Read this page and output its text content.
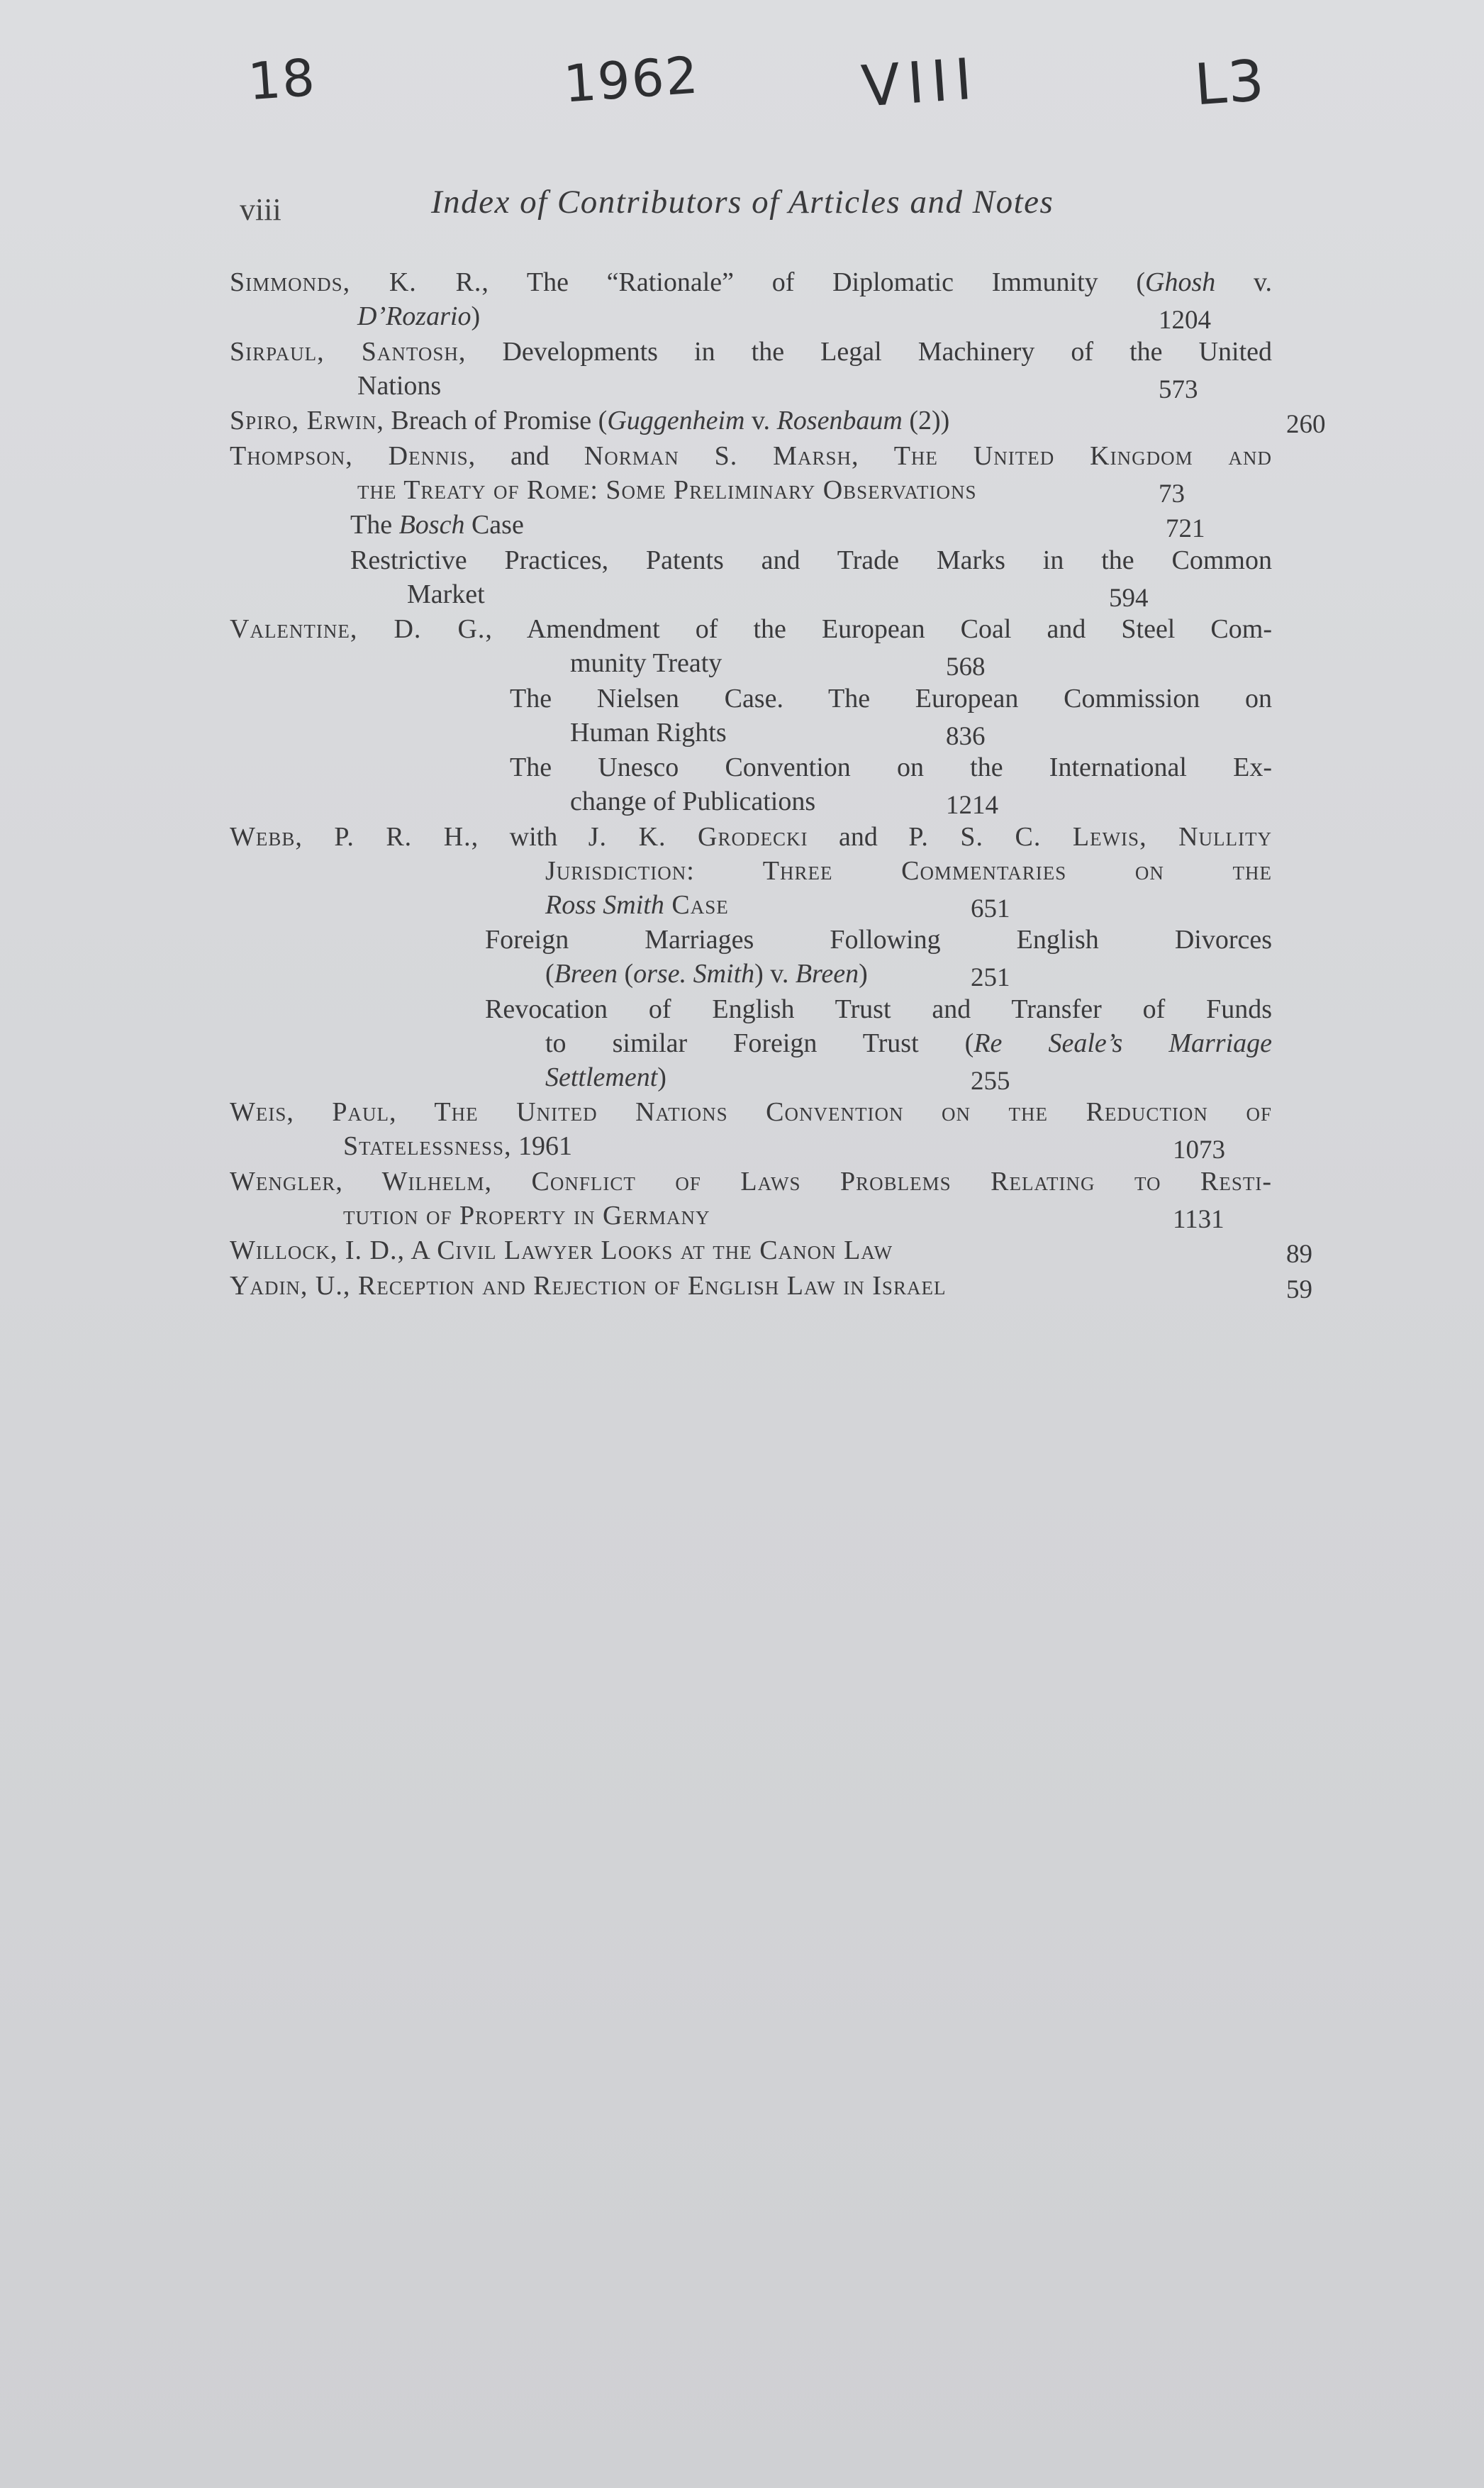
18	1962	VIII	L3
viii	Index of Contributors of Articles and Notes
Simmonds, K. R., The “Rationale” of Diplomatic Immunity (Ghosh v.
D’Rozario)	1204
Sirpaul, Santosh, Developments in the Legal Machinery of the United
Nations	573
Spiro, Erwin, Breach of Promise (Guggenheim v. Rosenbaum (2))	260
Thompson, Dennis, and Norman S. Marsh, The United Kingdom and
the Treaty of Rome: Some Preliminary Observations	73
The Bosch Case	721
Restrictive Practices, Patents and Trade Marks in the Common
Market	594
Valentine, D. G., Amendment of the European Coal and Steel Com-
munity Treaty	568
The Nielsen Case. The European Commission on
Human Rights	836
The Unesco Convention on the International Ex-
change of Publications	1214
Webb, P. R. H., with J. K. Grodecki and P. S. C. Lewis, Nullity
Jurisdiction: Three Commentaries on the
Ross Smith Case	651
Foreign Marriages Following English Divorces
(Breen (orse. Smith) v. Breen)	251
Revocation of English Trust and Transfer of Funds
to similar Foreign Trust (Re Seale’s Marriage
Settlement)	255
Weis, Paul, The United Nations Convention on the Reduction of
Statelessness, 1961	1073
Wengler, Wilhelm, Conflict of Laws Problems Relating to Resti-
tution of Property in Germany	1131
Willock, I. D., A Civil Lawyer Looks at the Canon Law	89
Yadin, U., Reception and Rejection of English Law in Israel	59
